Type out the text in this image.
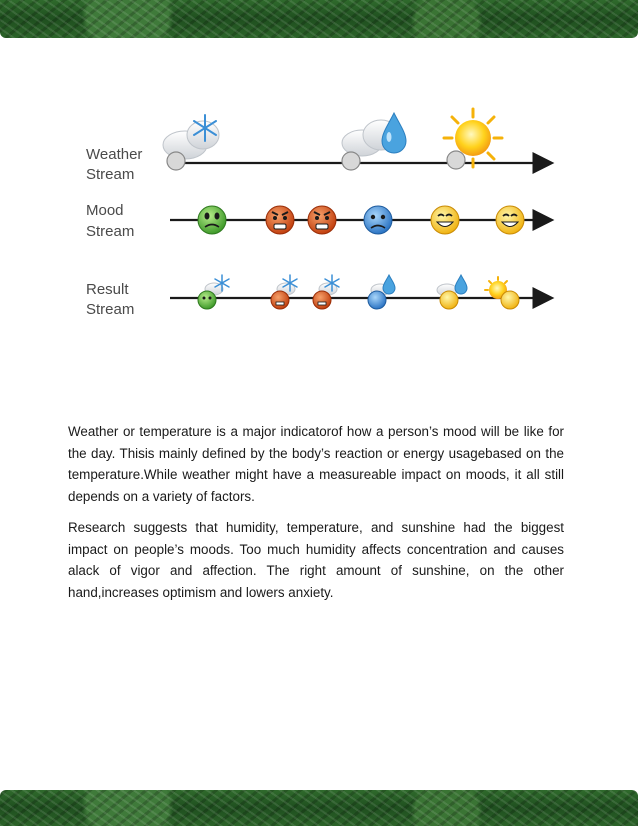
Weather
Stream
Mood
Stream
Result
Stream

Weather or temperature is a major indicatorof how a person’s mood will be like for the day. Thisis mainly defined by the body’s reaction or energy usagebased on the temperature.While weather might have a measureable impact on moods, it all still depends on a variety of factors.

Research suggests that humidity, temperature, and sunshine had the biggest impact on people’s moods. Too much humidity affects concentration and causes alack of vigor and affection. The right amount of sunshine, on the other hand,increases optimism and lowers anxiety.
